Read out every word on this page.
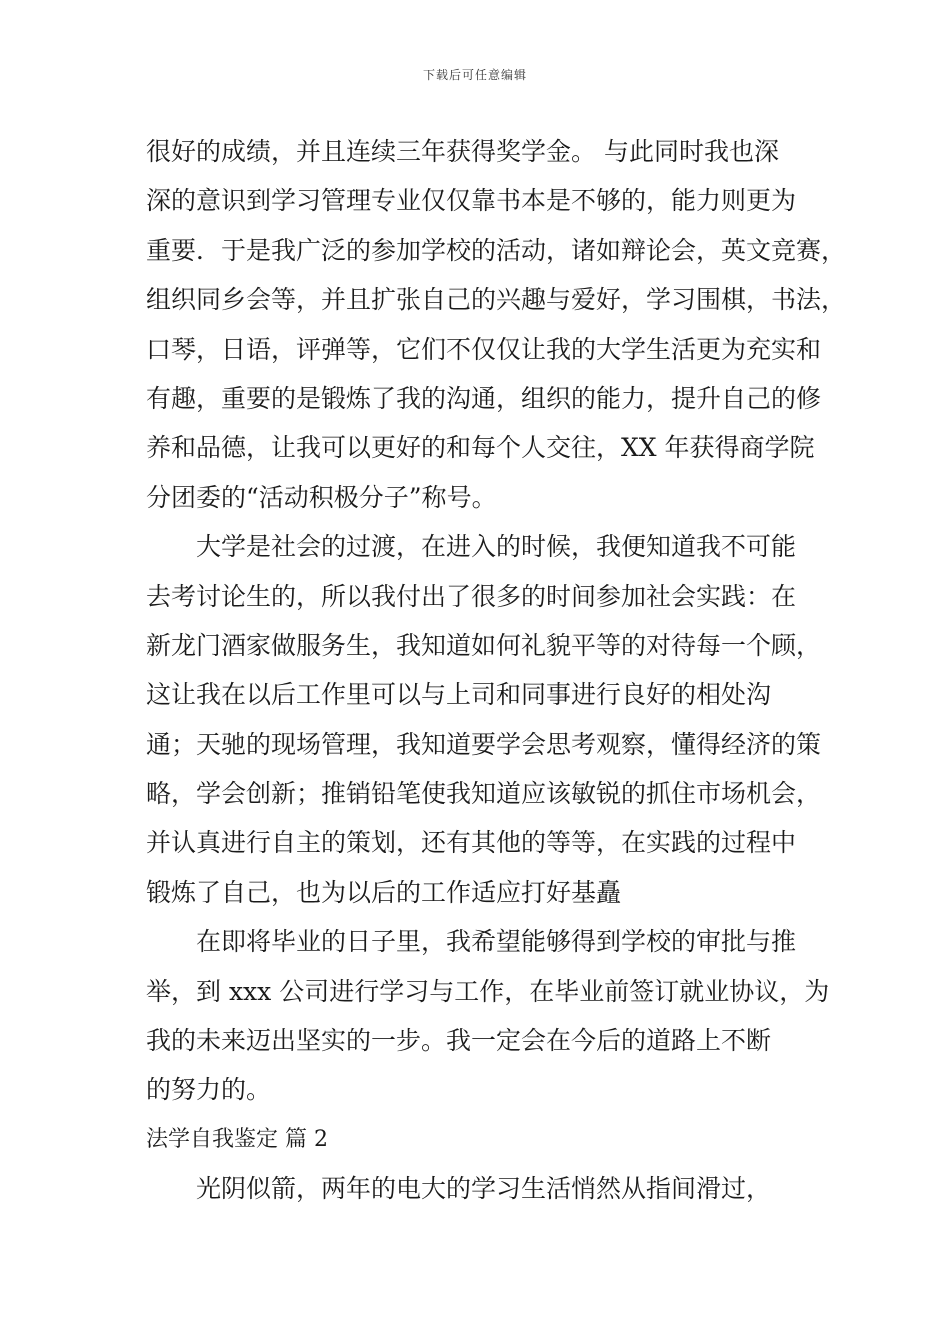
下载后可任意编辑
很好的成绩，并且连续三年获得奖学金。 与此同时我也深
深的意识到学习管理专业仅仅靠书本是不够的，能力则更为
重要．于是我广泛的参加学校的活动，诸如辩论会，英文竞赛，
组织同乡会等，并且扩张自己的兴趣与爱好，学习围棋，书法，
口琴，日语，评弹等，它们不仅仅让我的大学生活更为充实和
有趣，重要的是锻炼了我的沟通，组织的能力，提升自己的修
养和品德，让我可以更好的和每个人交往，XX 年获得商学院
分团委的“活动积极分子”称号。
大学是社会的过渡，在进入的时候，我便知道我不可能
去考讨论生的，所以我付出了很多的时间参加社会实践：在
新龙门酒家做服务生，我知道如何礼貌平等的对待每一个顾，
这让我在以后工作里可以与上司和同事进行良好的相处沟
通；天驰的现场管理，我知道要学会思考观察，懂得经济的策
略，学会创新；推销铅笔使我知道应该敏锐的抓住市场机会，
并认真进行自主的策划，还有其他的等等，在实践的过程中
锻炼了自己，也为以后的工作适应打好基矗
在即将毕业的日子里，我希望能够得到学校的审批与推
举，到 xxx 公司进行学习与工作，在毕业前签订就业协议，为
我的未来迈出坚实的一步。我一定会在今后的道路上不断
的努力的。
法学自我鉴定 篇 2
光阴似箭，两年的电大的学习生活悄然从指间滑过，
